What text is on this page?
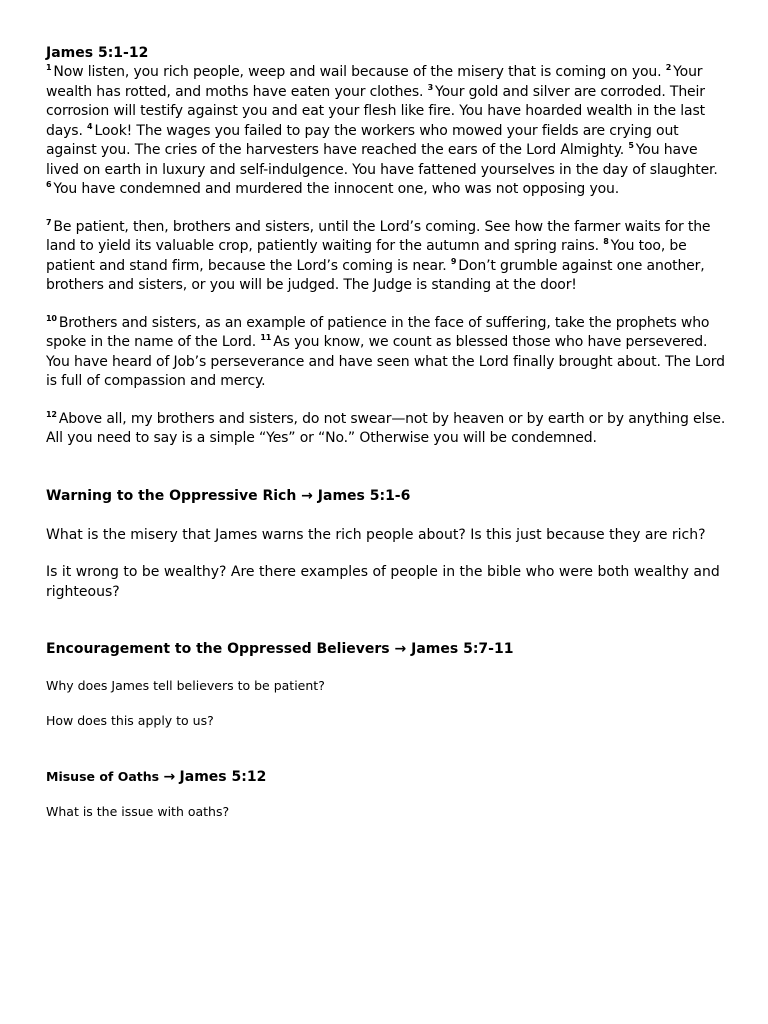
James 5:1-12

$^1$ Now listen, you rich people, weep and wail because of the misery that is coming on you. $^2$ Your wealth has rotted, and moths have eaten your clothes. $^3$ Your gold and silver are corroded. Their corrosion will testify against you and eat your flesh like fire. You have hoarded wealth in the last days. $^4$ Look! The wages you failed to pay the workers who mowed your fields are crying out against you. The cries of the harvesters have reached the ears of the Lord Almighty. $^5$ You have lived on earth in luxury and self-indulgence. You have fattened yourselves in the day of slaughter. $^6$ You have condemned and murdered the innocent one, who was not opposing you.

$^7$ Be patient, then, brothers and sisters, until the Lord’s coming. See how the farmer waits for the land to yield its valuable crop, patiently waiting for the autumn and spring rains. $^8$ You too, be patient and stand firm, because the Lord’s coming is near. $^9$ Don’t grumble against one another, brothers and sisters, or you will be judged. The Judge is standing at the door!

$^{10}$ Brothers and sisters, as an example of patience in the face of suffering, take the prophets who spoke in the name of the Lord. $^{11}$ As you know, we count as blessed those who have persevered. You have heard of Job’s perseverance and have seen what the Lord finally brought about. The Lord is full of compassion and mercy.

$^{12}$ Above all, my brothers and sisters, do not swear—not by heaven or by earth or by anything else. All you need to say is a simple “Yes” or “No.” Otherwise you will be condemned.

Warning to the Oppressive Rich → James 5:1-6

What is the misery that James warns the rich people about? Is this just because they are rich?

Is it wrong to be wealthy? Are there examples of people in the bible who were both wealthy and righteous?

Encouragement to the Oppressed Believers → James 5:7-11

Why does James tell believers to be patient?

How does this apply to us?

Misuse of Oaths → James 5:12

What is the issue with oaths?
